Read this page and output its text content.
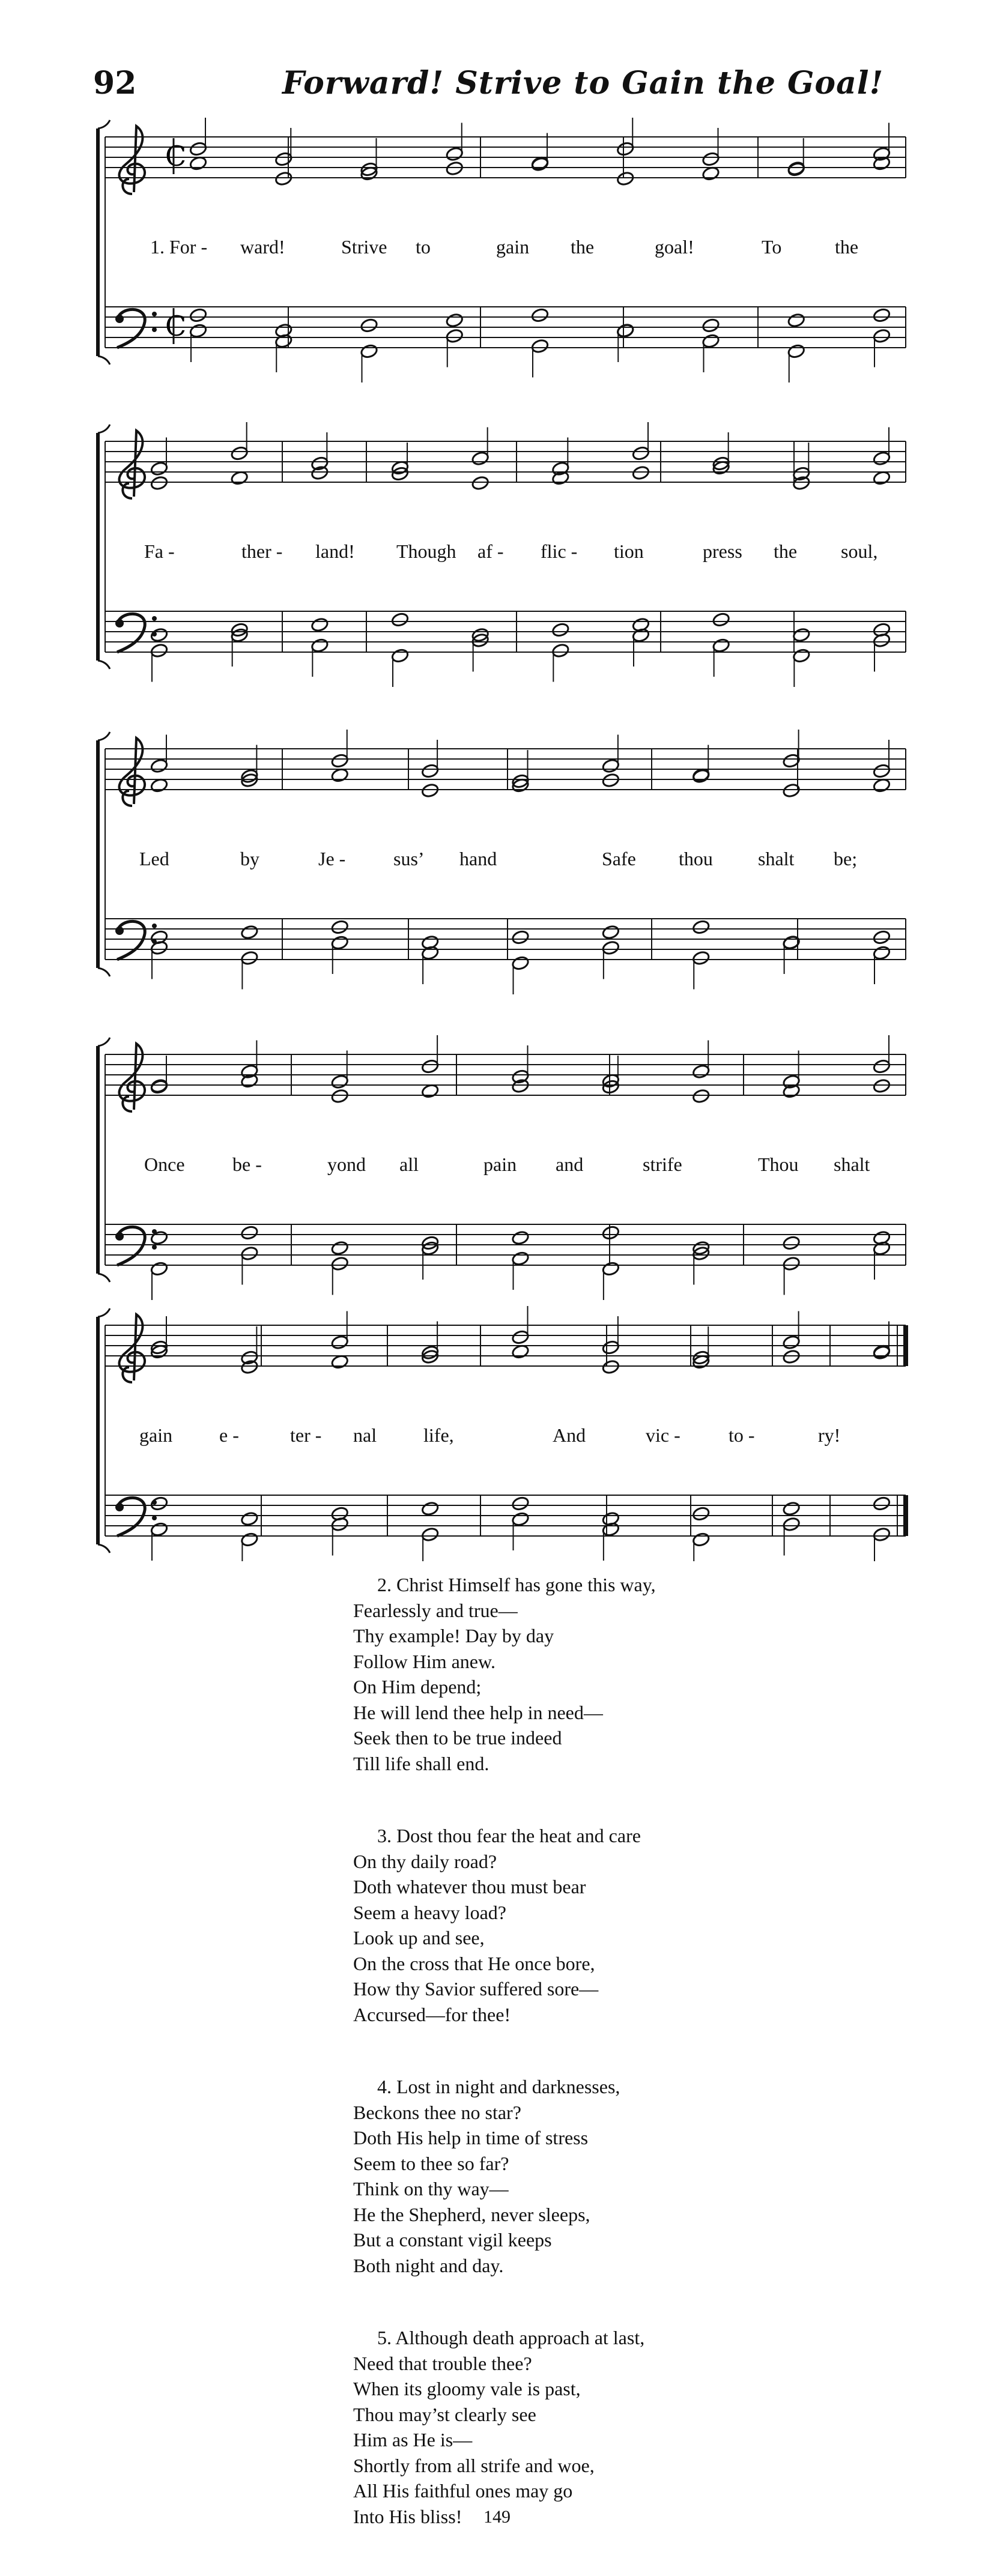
92	Forward! Strive to Gain the Goal!
C
C
1. For - ward!	Strive to	gain the	goal!	To	the
Fa -	ther - land! Though af - flic - tion	press the soul,
Led	by	Je - sus’ hand	Safe thou shalt be;
Once be -	yond all	pain and	strife	Thou shalt
gain e -	ter - nal life,	And	vic -	to -	ry!
2. Christ Himself has gone this way,
Fearlessly and true—
Thy example! Day by day
Follow Him anew.
On Him depend;
He will lend thee help in need—
Seek then to be true indeed
Till life shall end.
3. Dost thou fear the heat and care
On thy daily road?
Doth whatever thou must bear
Seem a heavy load?
Look up and see,
On the cross that He once bore,
How thy Savior suffered sore—
Accursed—for thee!
4. Lost in night and darknesses,
Beckons thee no star?
Doth His help in time of stress
Seem to thee so far?
Think on thy way—
He the Shepherd, never sleeps,
But a constant vigil keeps
Both night and day.
5. Although death approach at last,
Need that trouble thee?
When its gloomy vale is past,
Thou may’st clearly see
Him as He is—
Shortly from all strife and woe,
All His faithful ones may go
Into His bliss!	149
